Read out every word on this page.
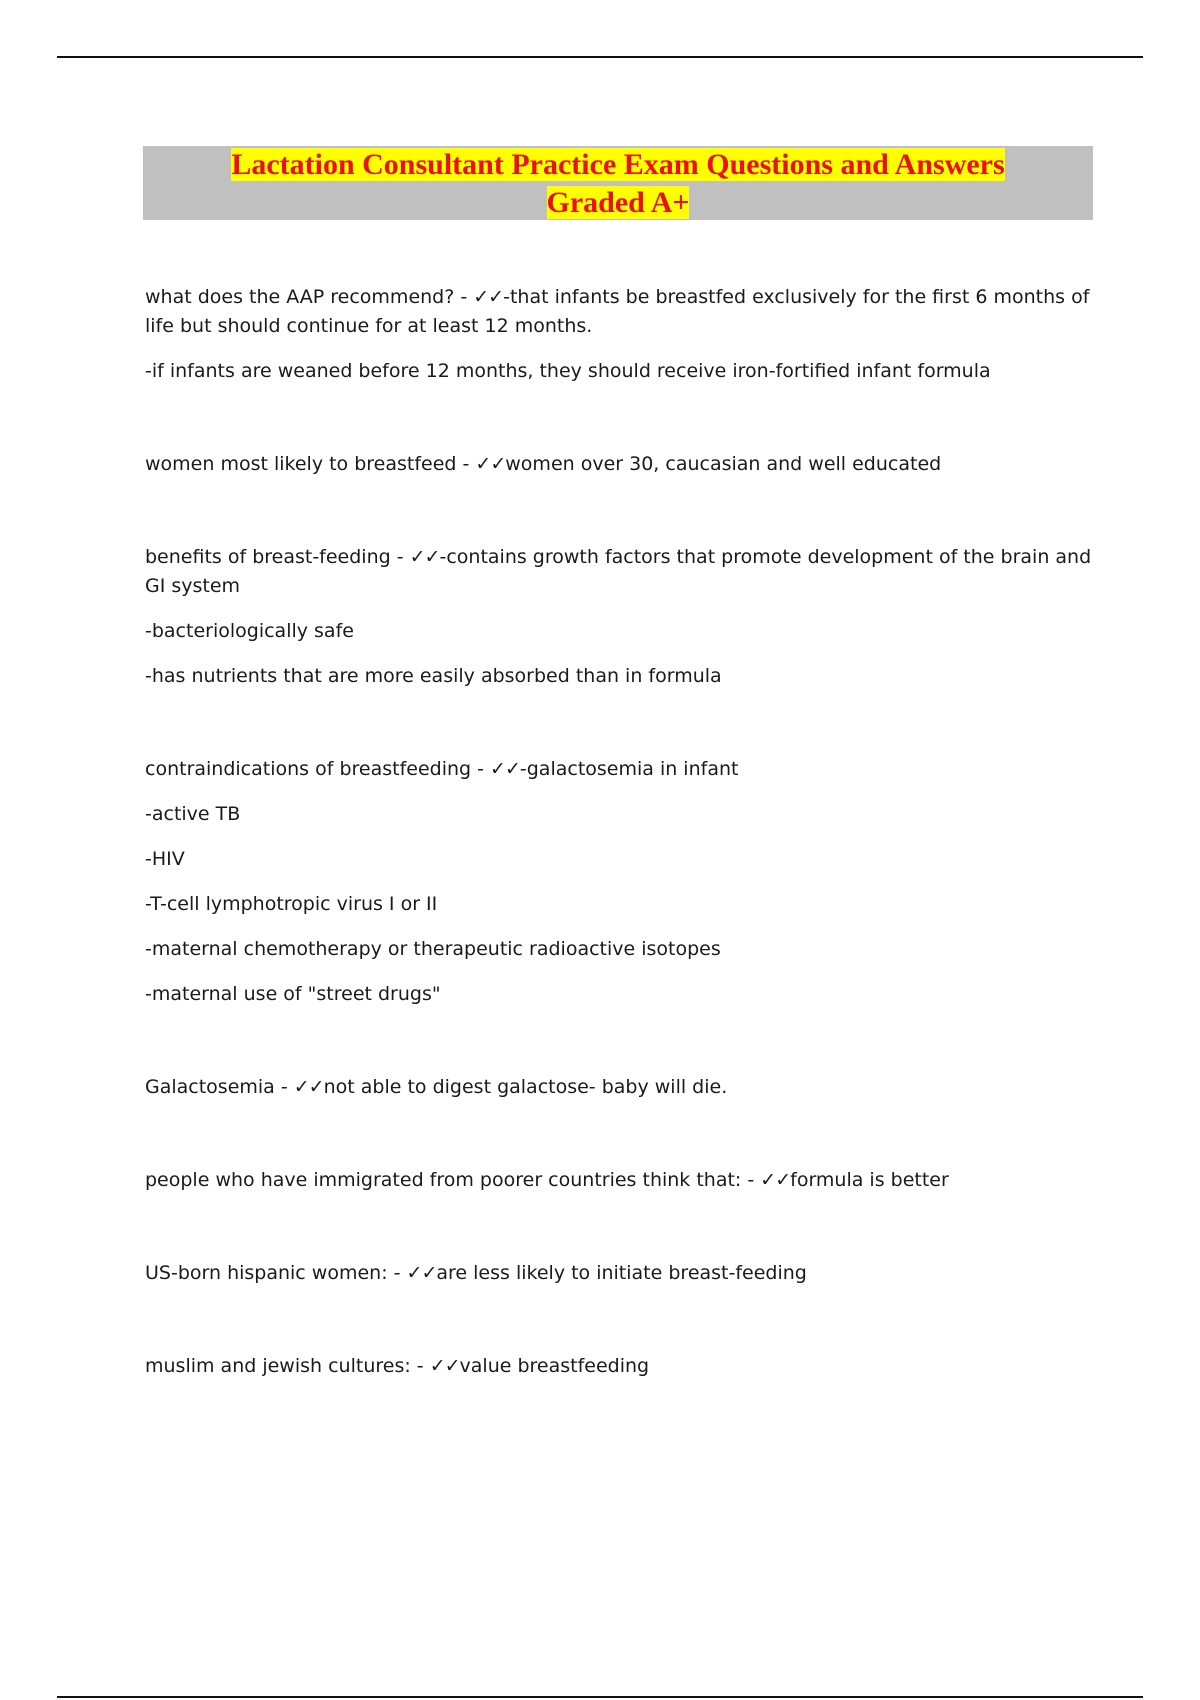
Lactation Consultant Practice Exam Questions and Answers
Graded A+

what does the AAP recommend? - ✓✓-that infants be breastfed exclusively for the first 6 months of life but should continue for at least 12 months.

-if infants are weaned before 12 months, they should receive iron-fortified infant formula

women most likely to breastfeed - ✓✓women over 30, caucasian and well educated

benefits of breast-feeding - ✓✓-contains growth factors that promote development of the brain and GI system

-bacteriologically safe

-has nutrients that are more easily absorbed than in formula

contraindications of breastfeeding - ✓✓-galactosemia in infant

-active TB

-HIV

-T-cell lymphotropic virus I or II

-maternal chemotherapy or therapeutic radioactive isotopes

-maternal use of "street drugs"

Galactosemia - ✓✓not able to digest galactose- baby will die.

people who have immigrated from poorer countries think that: - ✓✓formula is better

US-born hispanic women: - ✓✓are less likely to initiate breast-feeding

muslim and jewish cultures: - ✓✓value breastfeeding
